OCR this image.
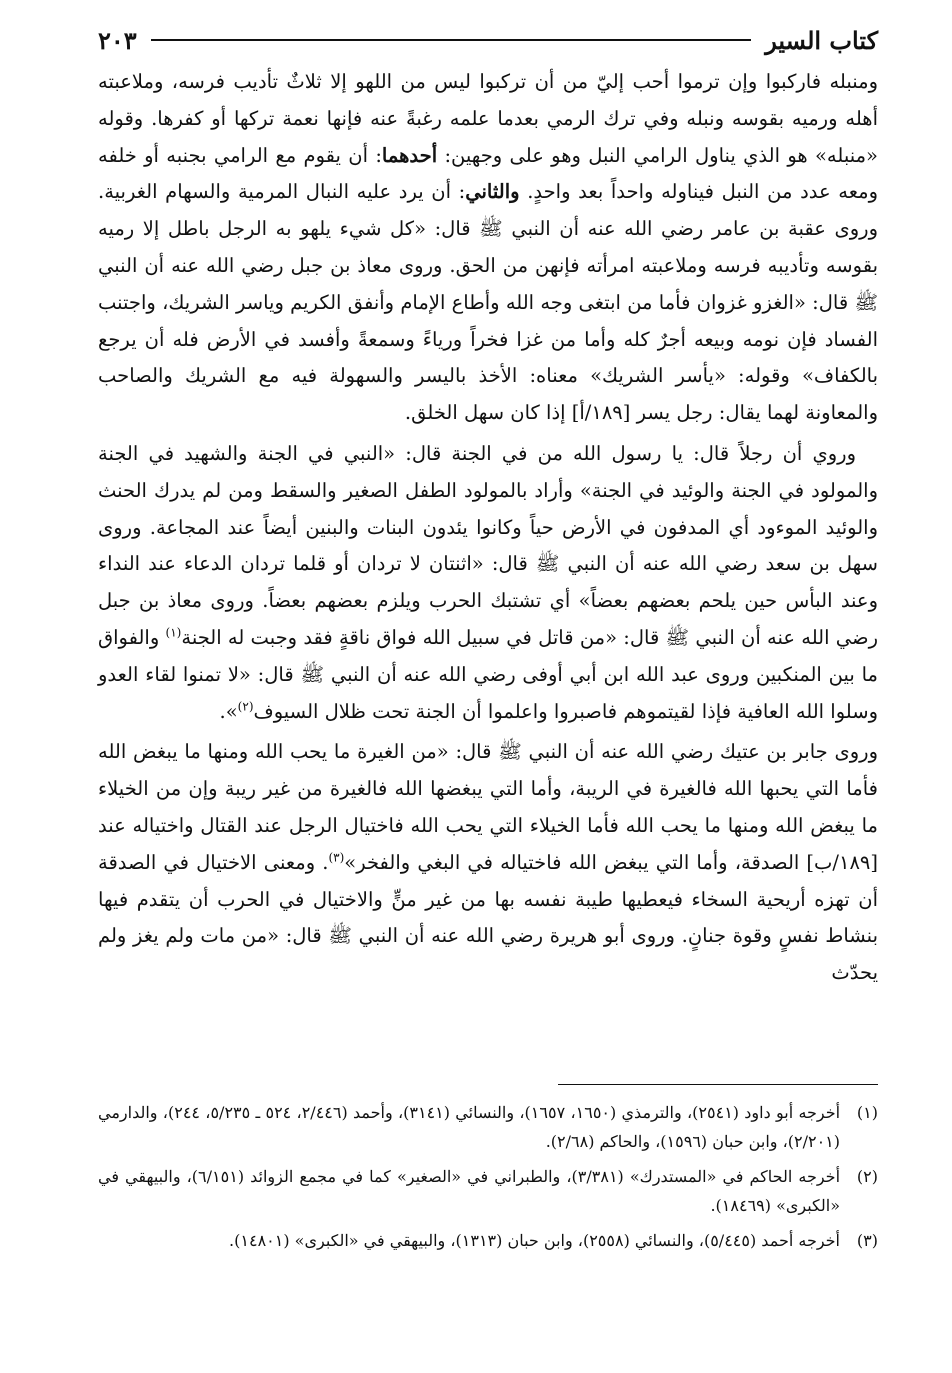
كتاب السير
٢٠٣

ومنبله فاركبوا وإن ترموا أحب إليّ من أن تركبوا ليس من اللهو إلا ثلاثٌ تأديب فرسه، وملاعبته أهله ورميه بقوسه ونبله وفي ترك الرمي بعدما علمه رغبةً عنه فإنها نعمة تركها أو كفرها. وقوله «منبله» هو الذي يناول الرامي النبل وهو على وجهين: أحدهما: أن يقوم مع الرامي بجنبه أو خلفه ومعه عدد من النبل فيناوله واحداً بعد واحدٍ. والثاني: أن يرد عليه النبال المرمية والسهام الغربية. وروى عقبة بن عامر رضي الله عنه أن النبي ﷺ قال: «كل شيء يلهو به الرجل باطل إلا رميه بقوسه وتأديبه فرسه وملاعبته امرأته فإنهن من الحق. وروى معاذ بن جبل رضي الله عنه أن النبي ﷺ قال: «الغزو غزوان فأما من ابتغى وجه الله وأطاع الإمام وأنفق الكريم وياسر الشريك، واجتنب الفساد فإن نومه وبيعه أجرٌ كله وأما من غزا فخراً ورياءً وسمعةً وأفسد في الأرض فله أن يرجع بالكفاف» وقوله: «يأسر الشريك» معناه: الأخذ باليسر والسهولة فيه مع الشريك والصاحب والمعاونة لهما يقال: رجل يسر [١٨٩/أ] إذا كان سهل الخلق.

وروي أن رجلاً قال: يا رسول الله من في الجنة قال: «النبي في الجنة والشهيد في الجنة والمولود في الجنة والوئيد في الجنة» وأراد بالمولود الطفل الصغير والسقط ومن لم يدرك الحنث والوئيد الموءود أي المدفون في الأرض حياً وكانوا يئدون البنات والبنين أيضاً عند المجاعة. وروى سهل بن سعد رضي الله عنه أن النبي ﷺ قال: «اثنتان لا تردان أو قلما تردان الدعاء عند النداء وعند البأس حين يلحم بعضهم بعضاً» أي تشتبك الحرب ويلزم بعضهم بعضاً. وروى معاذ بن جبل رضي الله عنه أن النبي ﷺ قال: «من قاتل في سبيل الله فواق ناقةٍ فقد وجبت له الجنة$^{(١)}$ والفواق ما بين المنكبين وروى عبد الله ابن أبي أوفى رضي الله عنه أن النبي ﷺ قال: «لا تمنوا لقاء العدو وسلوا الله العافية فإذا لقيتموهم فاصبروا واعلموا أن الجنة تحت ظلال السيوف$^{(٢)}$».

وروى جابر بن عتيك رضي الله عنه أن النبي ﷺ قال: «من الغيرة ما يحب الله ومنها ما يبغض الله فأما التي يحبها الله فالغيرة في الريبة، وأما التي يبغضها الله فالغيرة من غير ريبة وإن من الخيلاء ما يبغض الله ومنها ما يحب الله فأما الخيلاء التي يحب الله فاختيال الرجل عند القتال واختياله عند [١٨٩/ب] الصدقة، وأما التي يبغض الله فاختياله في البغي والفخر»$^{(٣)}$. ومعنى الاختيال في الصدقة أن تهزه أريحية السخاء فيعطيها طيبة نفسه بها من غير منٍّ والاختيال في الحرب أن يتقدم فيها بنشاط نفسٍ وقوة جنانٍ. وروى أبو هريرة رضي الله عنه أن النبي ﷺ قال: «من مات ولم يغز ولم يحدّث

(١)
أخرجه أبو داود (٢٥٤١)، والترمذي (١٦٥٠، ١٦٥٧)، والنسائي (٣١٤١)، وأحمد (٢/٤٤٦، ٥٢٤ ـ ٥/٢٣٥، ٢٤٤)، والدارمي (٢/٢٠١)، وابن حبان (١٥٩٦)، والحاكم (٢/٦٨).
(٢)
أخرجه الحاكم في «المستدرك» (٣/٣٨١)، والطبراني في «الصغير» كما في مجمع الزوائد (٦/١٥١)، والبيهقي في «الكبرى» (١٨٤٦٩).
(٣)
أخرجه أحمد (٥/٤٤٥)، والنسائي (٢٥٥٨)، وابن حبان (١٣١٣)، والبيهقي في «الكبرى» (١٤٨٠١).
